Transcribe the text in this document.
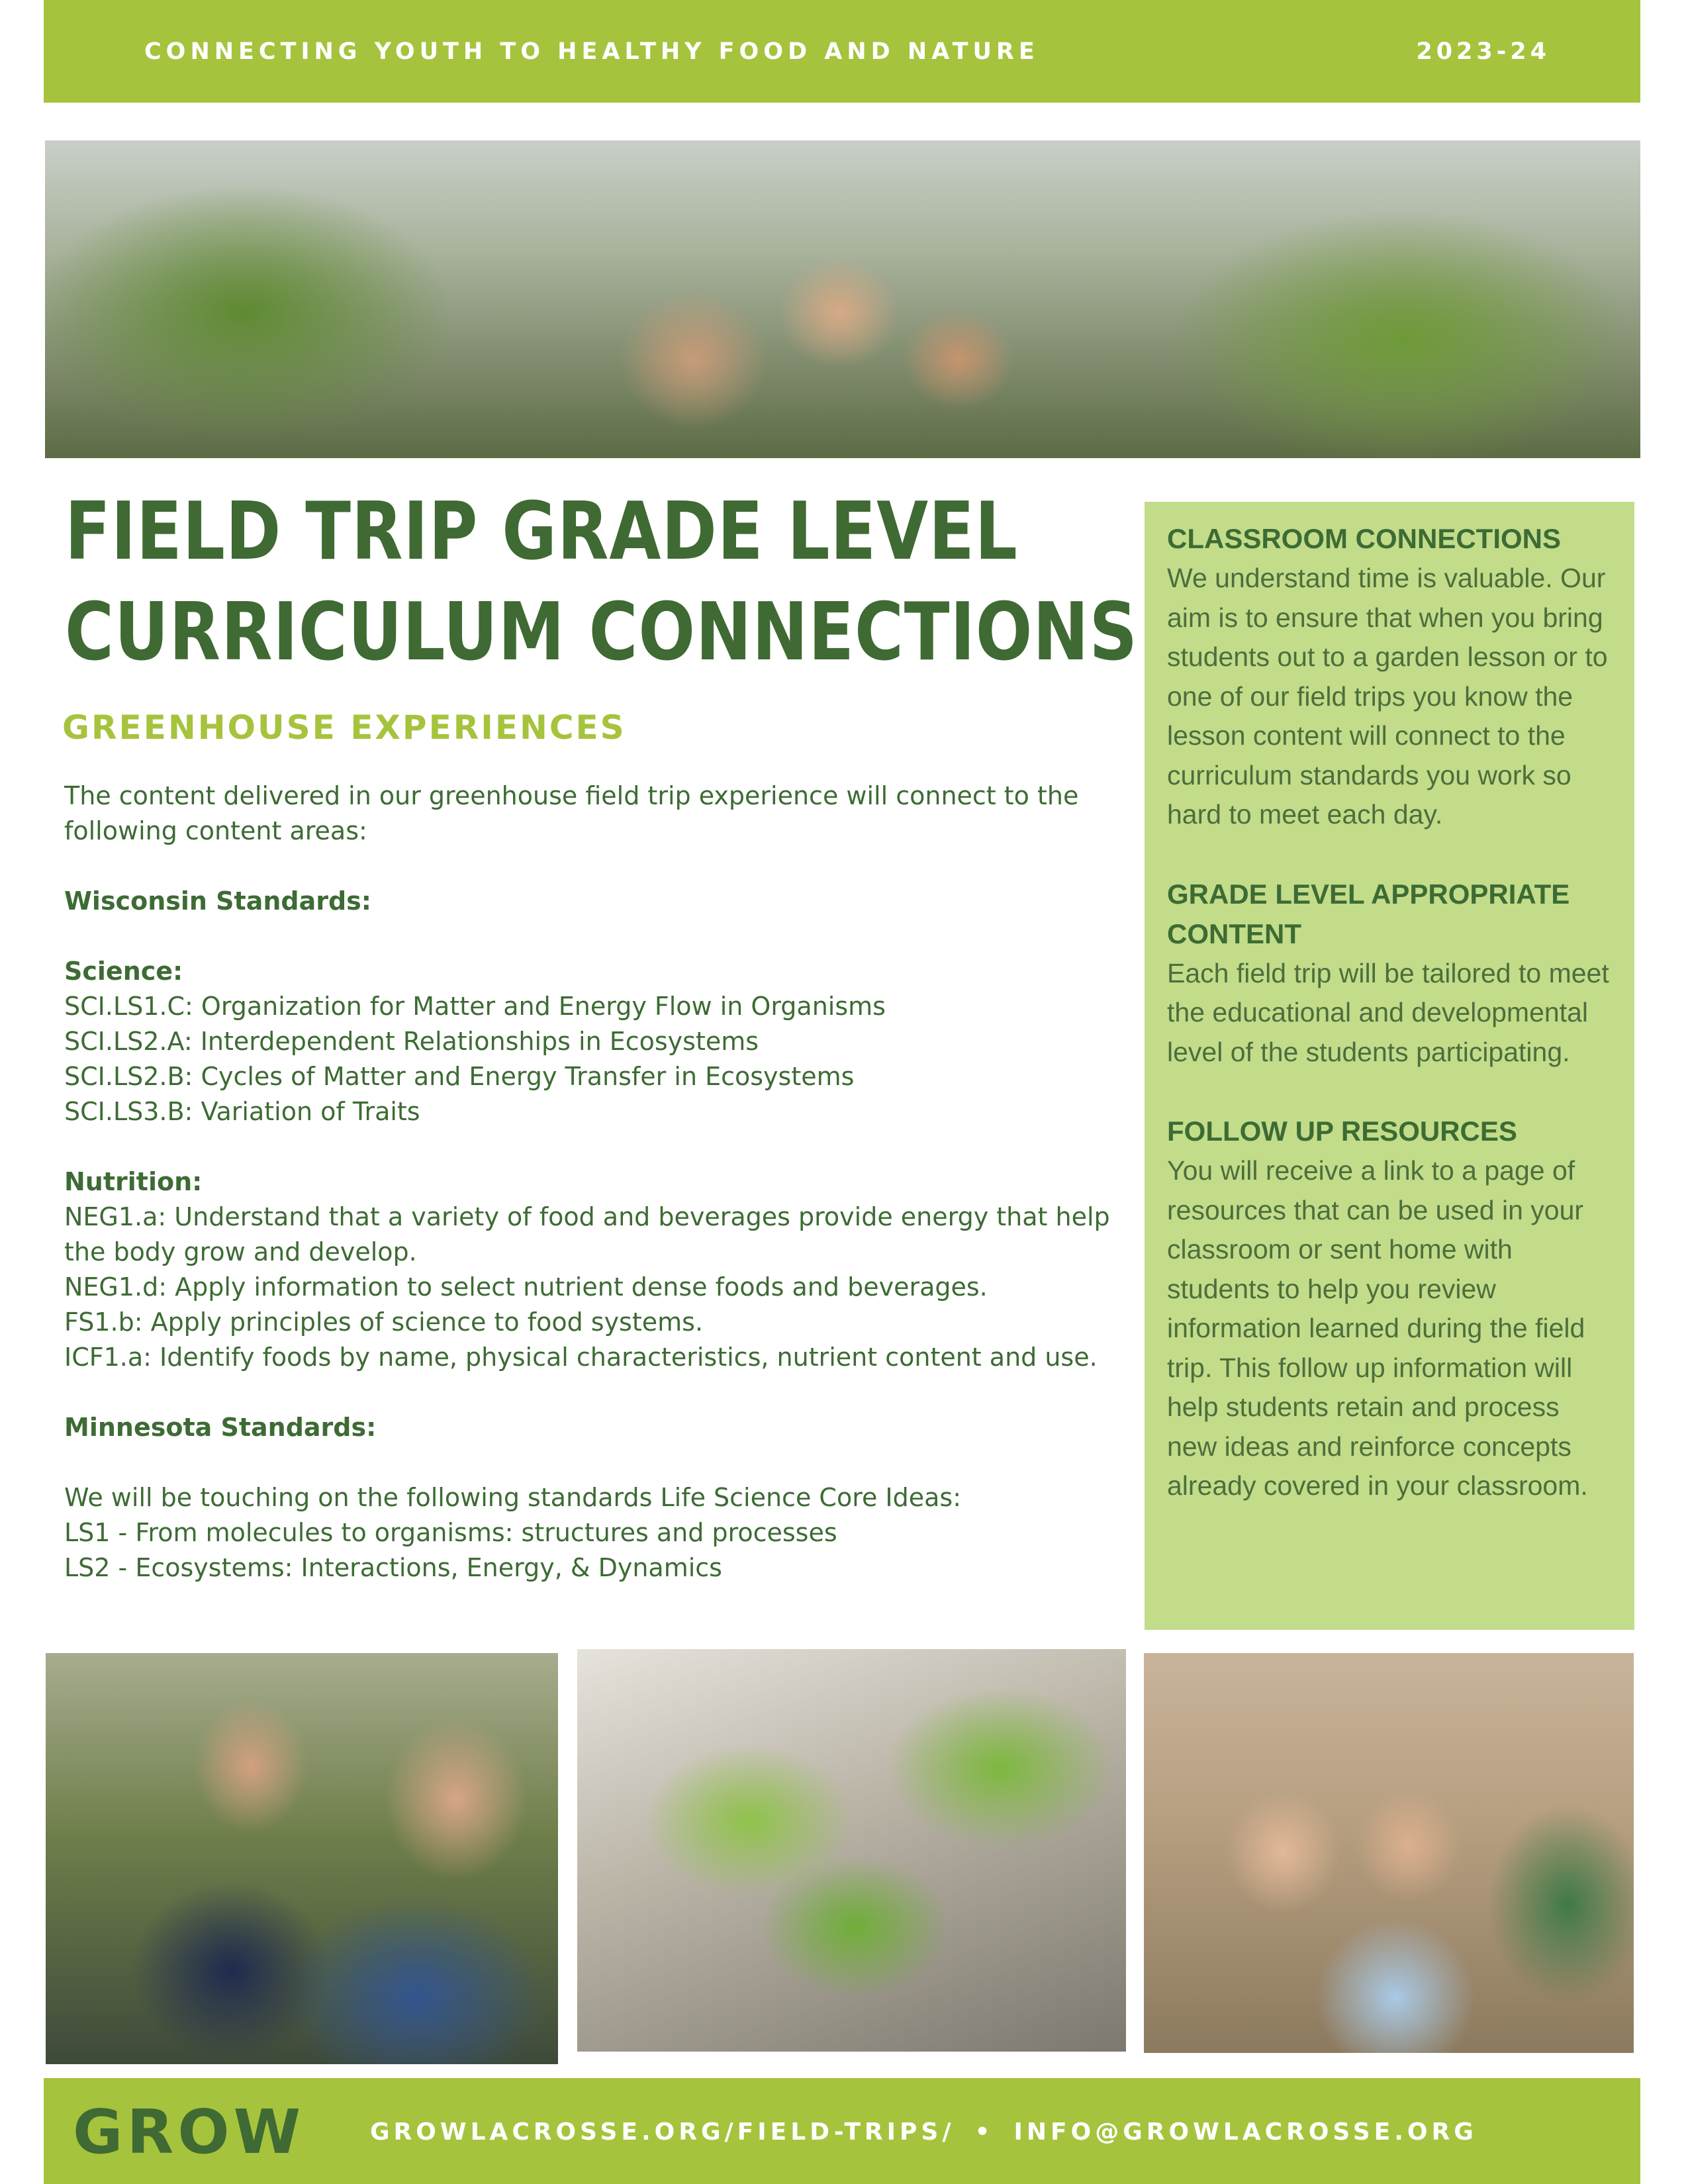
CONNECTING YOUTH TO HEALTHY FOOD AND NATURE	2023-24
FIELD TRIP GRADE LEVEL
CURRICULUM CONNECTIONS
GREENHOUSE EXPERIENCES

The content delivered in our greenhouse field trip experience will connect to the following content areas:

Wisconsin Standards:

Science:

SCI.LS1.C: Organization for Matter and Energy Flow in Organisms

SCI.LS2.A: Interdependent Relationships in Ecosystems

SCI.LS2.B: Cycles of Matter and Energy Transfer in Ecosystems

SCI.LS3.B: Variation of Traits

Nutrition:

NEG1.a: Understand that a variety of food and beverages provide energy that help the body grow and develop.

NEG1.d: Apply information to select nutrient dense foods and beverages.

FS1.b: Apply principles of science to food systems.

ICF1.a: Identify foods by name, physical characteristics, nutrient content and use.

Minnesota Standards:

We will be touching on the following standards Life Science Core Ideas:

LS1 - From molecules to organisms: structures and processes

LS2 - Ecosystems: Interactions, Energy, & Dynamics

CLASSROOM CONNECTIONS

We understand time is valuable. Our aim is to ensure that when you bring students out to a garden lesson or to one of our field trips you know the lesson content will connect to the curriculum standards you work so hard to meet each day.

GRADE LEVEL APPROPRIATE CONTENT

Each field trip will be tailored to meet the educational and developmental level of the students participating.

FOLLOW UP RESOURCES

You will receive a link to a page of resources that can be used in your classroom or sent home with students to help you review information learned during the field trip. This follow up information will help students retain and process new ideas and reinforce concepts already covered in your classroom.

GROW	GROWLACROSSE.ORG/FIELD-TRIPS/ • INFO@GROWLACROSSE.ORG
